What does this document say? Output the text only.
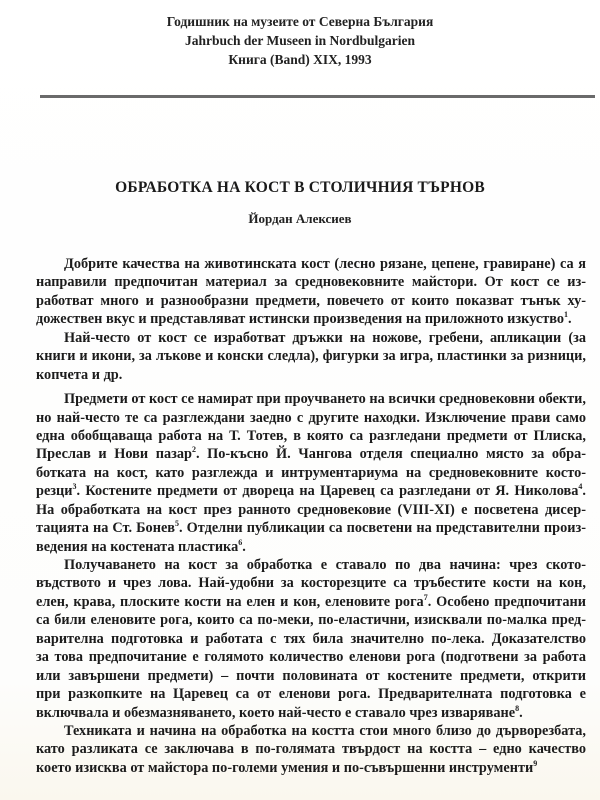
Годишник на музеите от Северна България
Jahrbuch der Museen in Nordbulgarien
Книга (Band) XIX, 1993
ОБРАБОТКА НА КОСТ В СТОЛИЧНИЯ ТЪРНОВ
Йордан Алексиев
Добрите качества на животинската кост (лесно рязане, цепене, гравиране) са я
направили предпочитан материал за средновековните майстори. От кост се из-
работват много и разнообразни предмети, повечето от които показват тънък ху-
дожествен вкус и представляват истински произведения на приложното изкуство$^1$.
Най-често от кост се изработват дръжки на ножове, гребени, апликации (за
книги и икони, за лъкове и конски следла), фигурки за игра, пластинки за ризници,
копчета и др.
Предмети от кост се намират при проучването на всички средновековни обекти,
но най-често те са разглеждани заедно с другите находки. Изключение прави само
една обобщаваща работа на Т. Тотев, в която са разгледани предмети от Плиска,
Преслав и Нови пазар$^2$. По-късно Й. Чангова отделя специално място за обра-
ботката на кост, като разглежда и интрументариума на средновековните косто-
резци$^3$. Костените предмети от двореца на Царевец са разгледани от Я. Николова$^4$.
На обработката на кост през ранното средновековие (VIII-XI) е посветена дисер-
тацията на Ст. Бонев$^5$. Отделни публикации са посветени на представителни произ-
ведения на костената пластика$^6$.
Получаването на кост за обработка е ставало по два начина: чрез ското-
въдството и чрез лова. Най-удобни за косторезците са тръбестите кости на кон,
елен, крава, плоските кости на елен и кон, еленовите рога$^7$. Особено предпочитани
са били еленовите рога, които са по-меки, по-еластични, изисквали по-малка пред-
варителна подготовка и работата с тях била значително по-лека. Доказателство
за това предпочитание е голямото количество еленови рога (подготвени за работа
или завършени предмети) – почти половината от костените предмети, открити
при разкопките на Царевец са от еленови рога. Предварителната подготовка е
включвала и обезмазняването, което най-често е ставало чрез изваряване$^8$.
Техниката и начина на обработка на костта стои много близо до дърворезбата,
като разликата се заключава в по-голямата твърдост на костта – едно качество
което изисква от майстора по-големи умения и по-съвършенни инструменти$^9$
